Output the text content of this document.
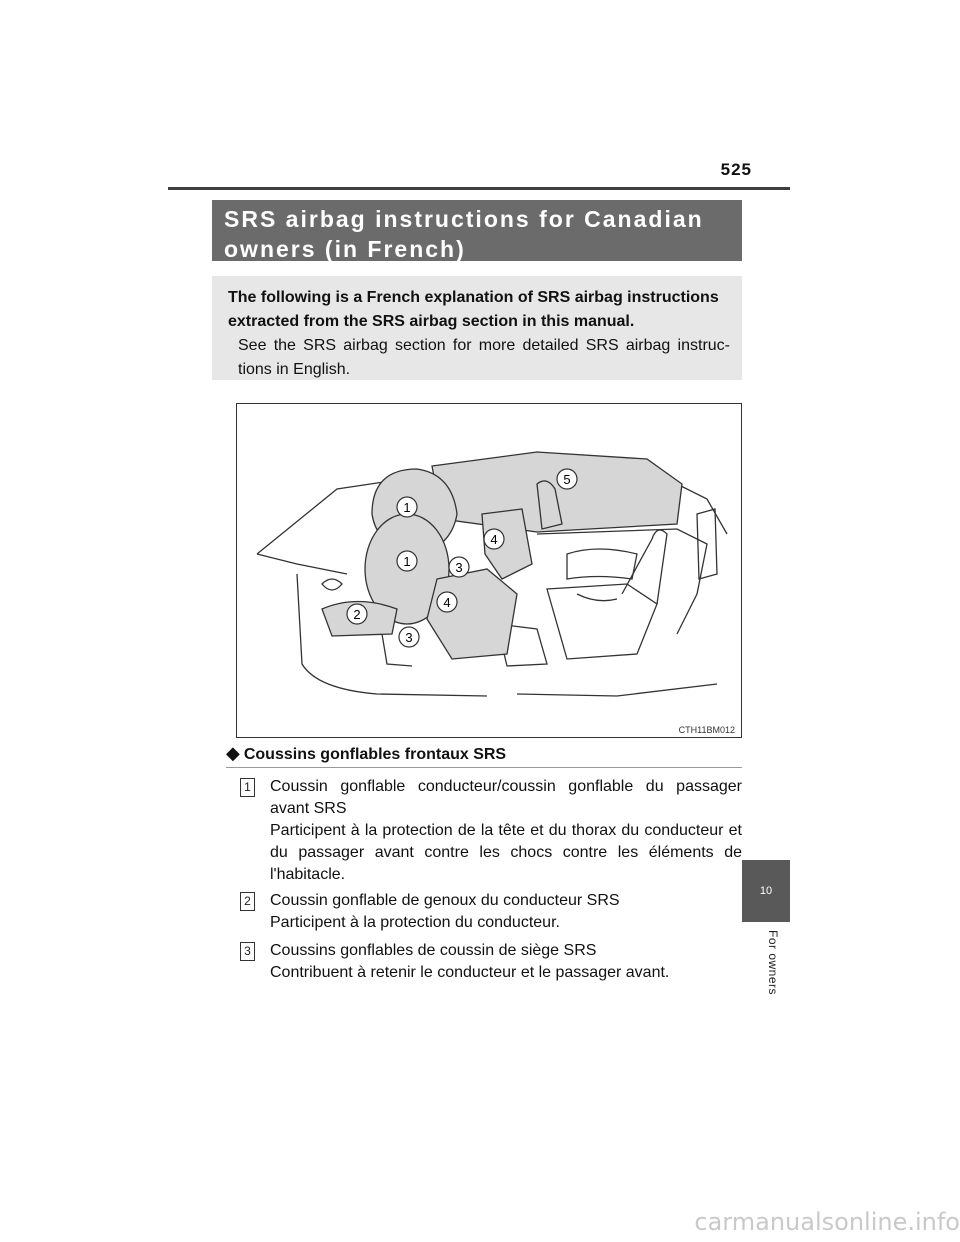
525
SRS airbag instructions for Canadian
owners (in French)
The following is a French explanation of SRS airbag instructions extracted from the SRS airbag section in this manual.
See the SRS airbag section for more detailed SRS airbag instruc- tions in English.
1
1
2
3
3
4
4
5
CTH11BM012
◆ Coussins gonflables frontaux SRS
1 Coussin gonflable conducteur/coussin gonflable du passager avant SRS
Participent à la protection de la tête et du thorax du conducteur et du passager avant contre les chocs contre les éléments de l'habitacle.
2 Coussin gonflable de genoux du conducteur SRS
Participent à la protection du conducteur.
3 Coussins gonflables de coussin de siège SRS
Contribuent à retenir le conducteur et le passager avant.
10
For owners
carmanualsonline.info
